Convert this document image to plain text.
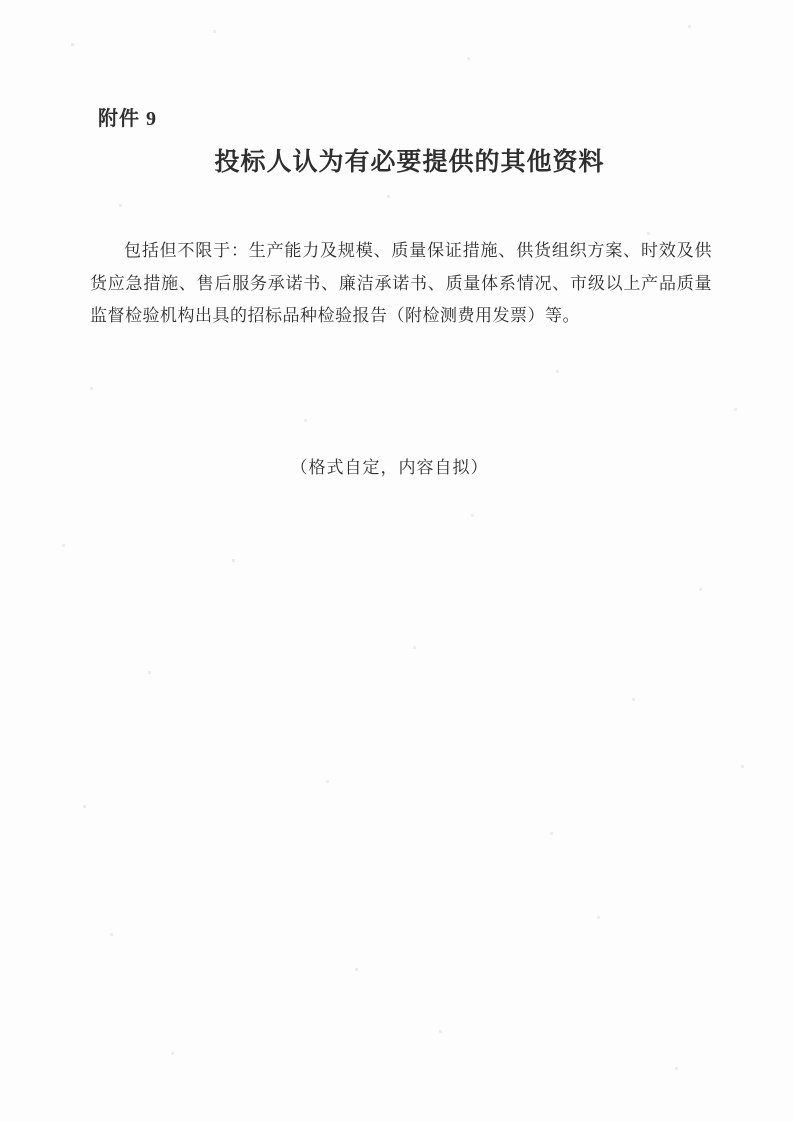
附件 9
投标人认为有必要提供的其他资料

包括但不限于：生产能力及规模、质量保证措施、供货组织方案、时效及供货应急措施、售后服务承诺书、廉洁承诺书、质量体系情况、市级以上产品质量监督检验机构出具的招标品种检验报告（附检测费用发票）等。

（格式自定，内容自拟）
